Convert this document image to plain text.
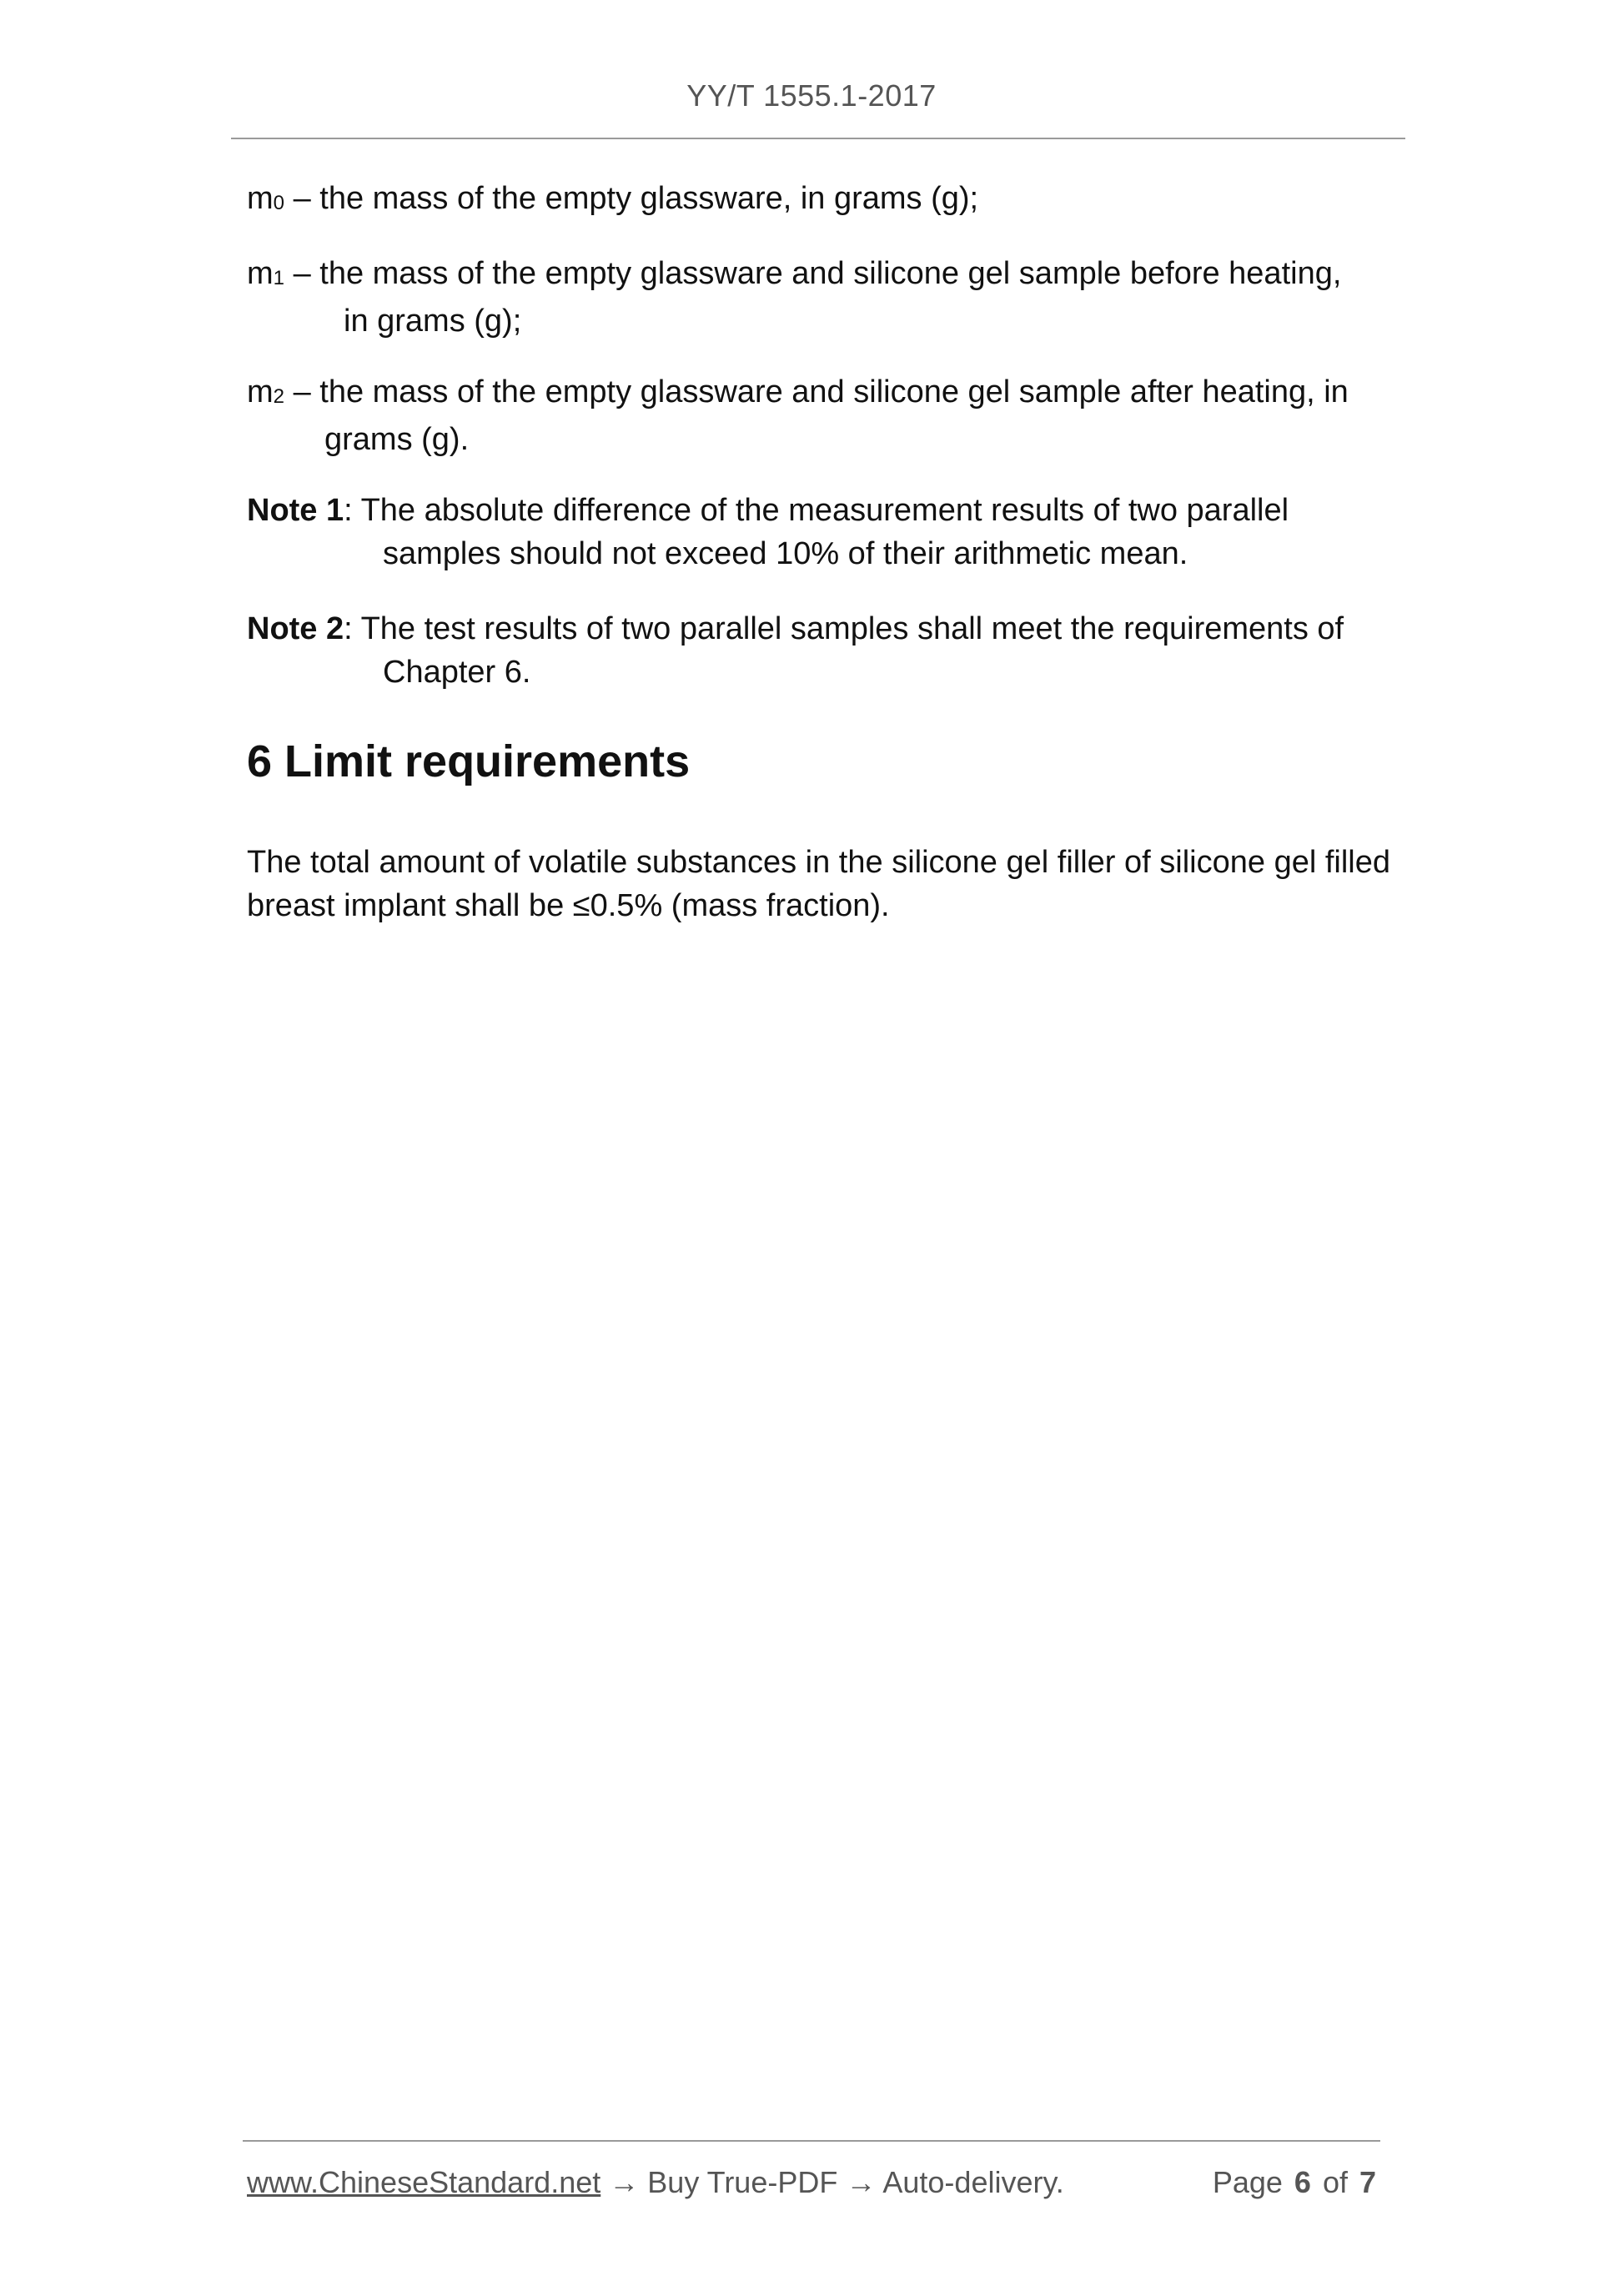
YY/T 1555.1-2017

m0 – the mass of the empty glassware, in grams (g);

m1 – the mass of the empty glassware and silicone gel sample before heating,
in grams (g);

m2 – the mass of the empty glassware and silicone gel sample after heating, in
grams (g).

Note 1: The absolute difference of the measurement results of two parallel
samples should not exceed 10% of their arithmetic mean.

Note 2: The test results of two parallel samples shall meet the requirements of
Chapter 6.

6 Limit requirements

The total amount of volatile substances in the silicone gel filler of silicone gel filled breast implant shall be ≤0.5% (mass fraction).

www.ChineseStandard.net → Buy True-PDF → Auto-delivery.	Page 6 of 7
